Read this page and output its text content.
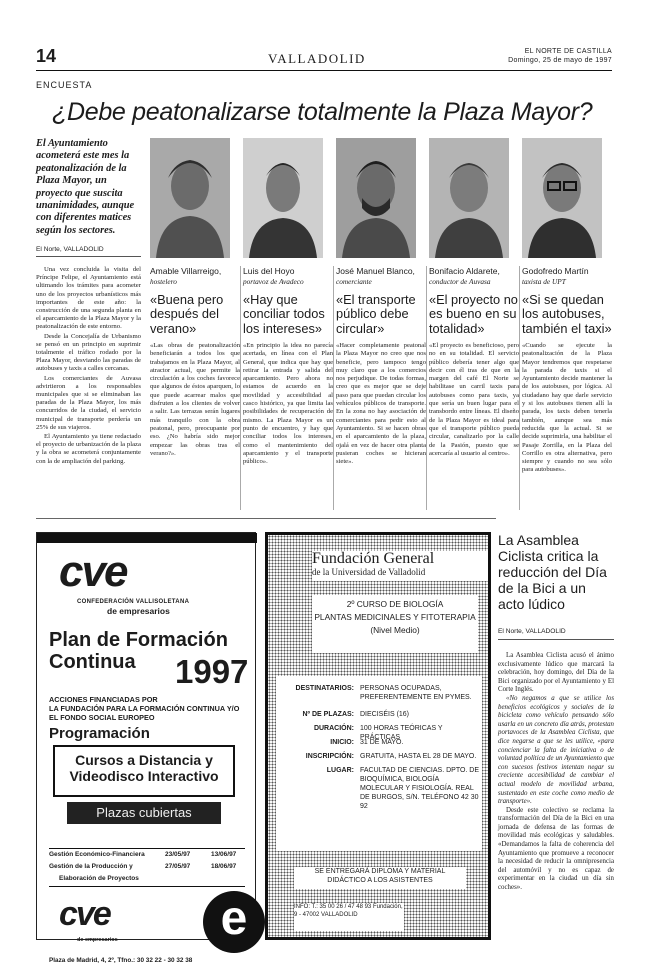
14	VALLADOLID	EL NORTE DE CASTILLA
Domingo, 25 de mayo de 1997
ENCUESTA
¿Debe peatonalizarse totalmente la Plaza Mayor?
El Ayuntamiento acometerá este mes la peatonalización de la Plaza Mayor, un proyecto que suscita unanimidades, aunque con diferentes matices según los sectores.
El Norte, VALLADOLID

Una vez concluida la visita del Príncipe Felipe, el Ayuntamiento está ultimando los trámites para acometer uno de los proyectos urbanísticos más importantes de este año: la construcción de una segunda planta en el aparcamiento de la Plaza Mayor y la peatonalización de este entorno.

Desde la Concejalía de Urbanismo se pensó en un principio en suprimir totalmente el tráfico rodado por la Plaza Mayor, desviando las paradas de autobuses y taxis a calles cercanas.

Los comerciantes de Auvasa advirtieron a los responsables municipales que si se eliminaban las paradas de la Plaza Mayor, los más concurridos de la ciudad, el servicio municipal de transporte perdería un 25% de sus viajeros.

El Ayuntamiento ya tiene redactado el proyecto de urbanización de la plaza y la obra se acometerá conjuntamente con la de ampliación del parking.

Amable Villarreigo,
hostelero
«Buena pero después del verano»
«Las obras de peatonalización beneficiarán a todos los que trabajamos en la Plaza Mayor, al atractor actual, que permite la circulación a los coches favorece que algunos de éstos aparquen, lo que puede acarrear malos que disfruten a los clientes de volver a salir. Las terrazas serán lugares más tranquilo con la obra peatonal, pero, preocupante por eso. ¿No habría sido mejor empezar las obras tras el verano?».
Luis del Hoyo
portavoz de Avadeco
«Hay que conciliar todos los intereses»
«En principio la idea no parecía acertada, en línea con el Plan General, que indica que hay que retirar la entrada y salida del aparcamiento. Pero ahora no estamos de acuerdo en la movilidad y accesibilidad al casco histórico, ya que limita las posibilidades de recuperación de mismo. La Plaza Mayor es un punto de encuentro, y hay que conciliar todos los intereses, como el mantenimiento del aparcamiento y el transporte público».
José Manuel Blanco,
comerciante
«El transporte público debe circular»
«Hacer completamente peatonal la Plaza Mayor no creo que nos beneficie, pero tampoco tengo muy claro que a los comercios nos perjudique. De todas formas, creo que es mejor que se deje paso para que puedan circular los vehículos públicos de transporte. En la zona no hay asociación de comerciantes para pedir esto al Ayuntamiento. Si se hacen obras en el aparcamiento de la plaza, ojalá en vez de hacer otra planta pusieran coches se hicieran siete».
Bonifacio Aldarete,
conductor de Auvasa
«El proyecto no es bueno en su totalidad»
«El proyecto es beneficioso, pero no en su totalidad. El servicio público debería tener algo que decir con él tras de que en la margen del café El Norte se habilitase un carril taxis para autobuses como para taxis, ya que sería un buen lugar para el transbordo entre líneas. El diseño de la Plaza Mayor es ideal para que el transporte público pueda circular, canalizarlo por la calle de la Pasión, puesto que se acercaría al usuario al centro».
Godofredo Martín
taxista de UPT
«Si se quedan los autobuses, también el taxi»
«Cuando se ejecute la peatonalización de la Plaza Mayor tendremos que respetarse la parada de taxis si el Ayuntamiento decide mantener la de los autobuses, por lógica. Al ciudadano hay que darle servicio y si los autobuses tienen allí la parada, los taxis deben tenerla también, aunque sea más reducida que la actual. Si se decide suprimirla, una habilitar el Pasaje Zorrilla, en la Plaza del Corrillo es otra alternativa, pero siempre y cuando no sea sólo para autobuses».
cve
CONFEDERACIÓN VALLISOLETANA
de empresarios
Plan de Formación
Continua	1997
ACCIONES FINANCIADAS POR
LA FUNDACIÓN PARA LA FORMACIÓN CONTINUA Y/O
EL FONDO SOCIAL EUROPEO
Programación
Cursos a Distancia y
Videodisco Interactivo
Plazas cubiertas
Gestión Económico-Financiera	23/05/97	13/06/97
Gestión de la Producción y	27/05/97	18/06/97
Elaboración de Proyectos
cve
de empresarios
Plaza de Madrid, 4, 2º, Tfno.: 30 32 22 - 30 32 38
e
Fundación General
de la Universidad de Valladolid
2º CURSO DE BIOLOGÍA
PLANTAS MEDICINALES Y FITOTERAPIA
(Nivel Medio)
DESTINATARIOS: PERSONAS OCUPADAS, PREFERENTEMENTE EN PYMES.
Nº DE PLAZAS: DIECISÉIS (16)
DURACIÓN: 100 HORAS TEÓRICAS Y PRÁCTICAS
INICIO: 31 DE MAYO.
INSCRIPCIÓN: GRATUITA, HASTA EL 28 DE MAYO.
LUGAR: FACULTAD DE CIENCIAS. DPTO. DE BIOQUÍMICA, BIOLOGÍA MOLECULAR Y FISIOLOGÍA. REAL DE BURGOS, S/N. TELÉFONO 42 30 92
SE ENTREGARÁ DIPLOMA Y MATERIAL
DIDÁCTICO A LOS ASISTENTES
INFO: T.: 35 00 26 / 47 48 93 Fundación, 9 - 47002 VALLADOLID
La Asamblea Ciclista critica la reducción del Día de la Bici a un acto lúdico
El Norte, VALLADOLID

La Asamblea Ciclista acusó el ánimo exclusivamente lúdico que marcará la celebración, hoy domingo, del Día de la Bici organizado por el Ayuntamiento y El Corte Inglés.

«No negamos a que se utilice los beneficios ecológicos y sociales de la bicicleta como vehículo pensando sólo usarla en un concreto día atrás, protestan portavoces de la Asamblea Ciclista, que dice negarse a que se les utilice, «para concienciar la falta de iniciativa o de voluntad política de un Ayuntamiento que con sucesos festivos intentan negar su creciente accesibilidad de cambiar el actual modelo de movilidad urbana, sustentado en este coche como medio de transporte».

Desde este colectivo se reclama la transformación del Día de la Bici en una jornada de defensa de las formas de movilidad más ecológicas y saludables. «Demandamos la falta de coherencia del Ayuntamiento que promueve a reconocer la necesidad de reducir la omnipresencia del automóvil y no es capaz de experimentar en la ciudad un día sin coches».
